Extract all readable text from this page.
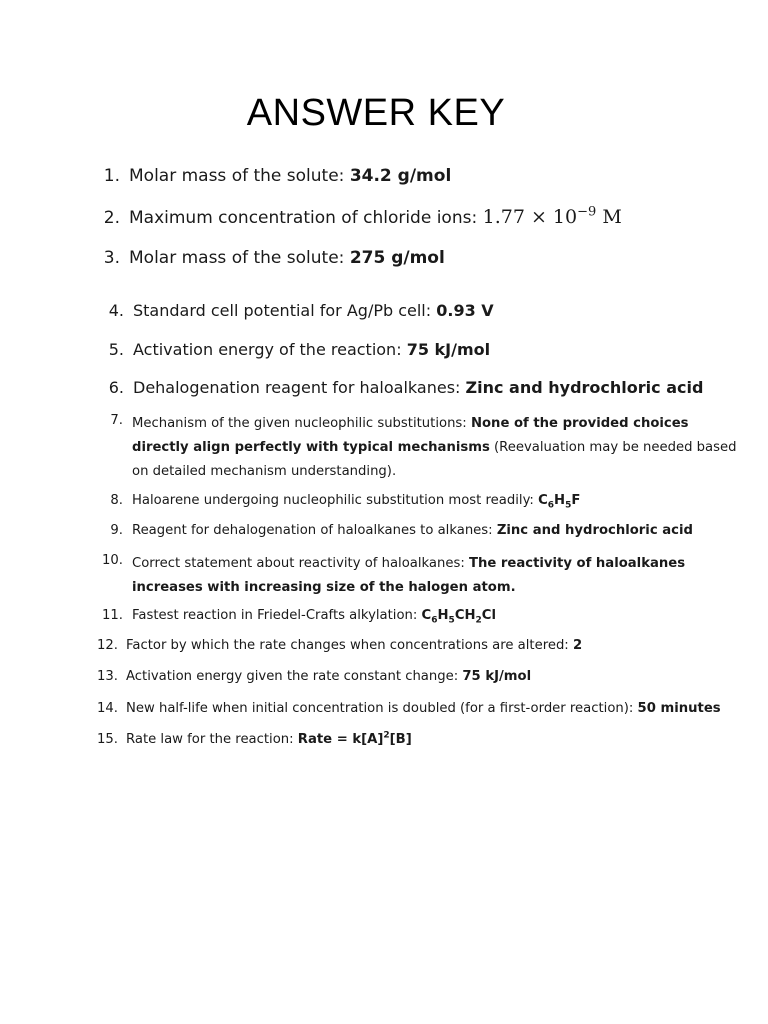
ANSWER KEY

1. Molar mass of the solute: 34.2 g/mol

2. Maximum concentration of chloride ions: $1.77 \times 10^{-9}$ M

3. Molar mass of the solute: 275 g/mol

4. Standard cell potential for Ag/Pb cell: 0.93 V

5. Activation energy of the reaction: 75 kJ/mol

6. Dehalogenation reagent for haloalkanes: Zinc and hydrochloric acid

7. Mechanism of the given nucleophilic substitutions: None of the provided choices directly align perfectly with typical mechanisms (Reevaluation may be needed based on detailed mechanism understanding).

8. Haloarene undergoing nucleophilic substitution most readily: $C_6H_5F$

9. Reagent for dehalogenation of haloalkanes to alkanes: Zinc and hydrochloric acid

10. Correct statement about reactivity of haloalkanes: The reactivity of haloalkanes increases with increasing size of the halogen atom.

11. Fastest reaction in Friedel-Crafts alkylation: $C_6H_5CH_2Cl$

12. Factor by which the rate changes when concentrations are altered: 2

13. Activation energy given the rate constant change: 75 kJ/mol

14. New half-life when initial concentration is doubled (for a first-order reaction): 50 minutes

15. Rate law for the reaction: Rate = $k[A]^2[B]$
